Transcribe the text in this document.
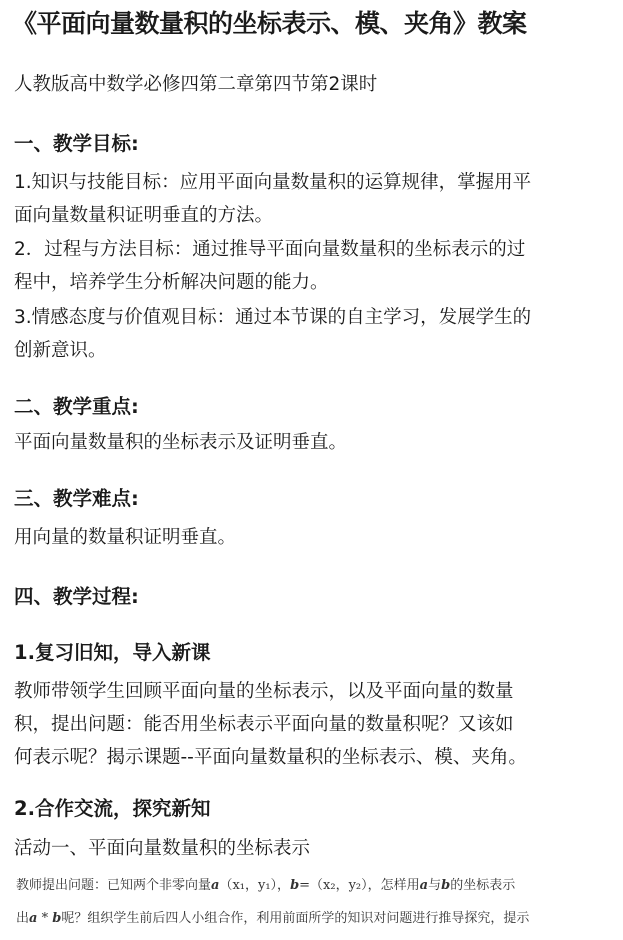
《平面向量数量积的坐标表示、模、夹角》教案
人教版高中数学必修四第二章第四节第2课时
一、教学目标:
1.知识与技能目标：应用平面向量数量积的运算规律，掌握用平
面向量数量积证明垂直的方法。
2．过程与方法目标：通过推导平面向量数量积的坐标表示的过
程中，培养学生分析解决问题的能力。
3.情感态度与价值观目标：通过本节课的自主学习，发展学生的
创新意识。
二、教学重点:
平面向量数量积的坐标表示及证明垂直。
三、教学难点:
用向量的数量积证明垂直。
四、教学过程:
1.复习旧知，导入新课
教师带领学生回顾平面向量的坐标表示，以及平面向量的数量
积，提出问题：能否用坐标表示平面向量的数量积呢？又该如
何表示呢？揭示课题--平面向量数量积的坐标表示、模、夹角。
2.合作交流，探究新知
活动一、平面向量数量积的坐标表示
教师提出问题：已知两个非零向量a（x₁，y₁），b=（x₂，y₂），怎样用a与b的坐标表示
出a * b呢？组织学生前后四人小组合作，利用前面所学的知识对问题进行推导探究，提示
